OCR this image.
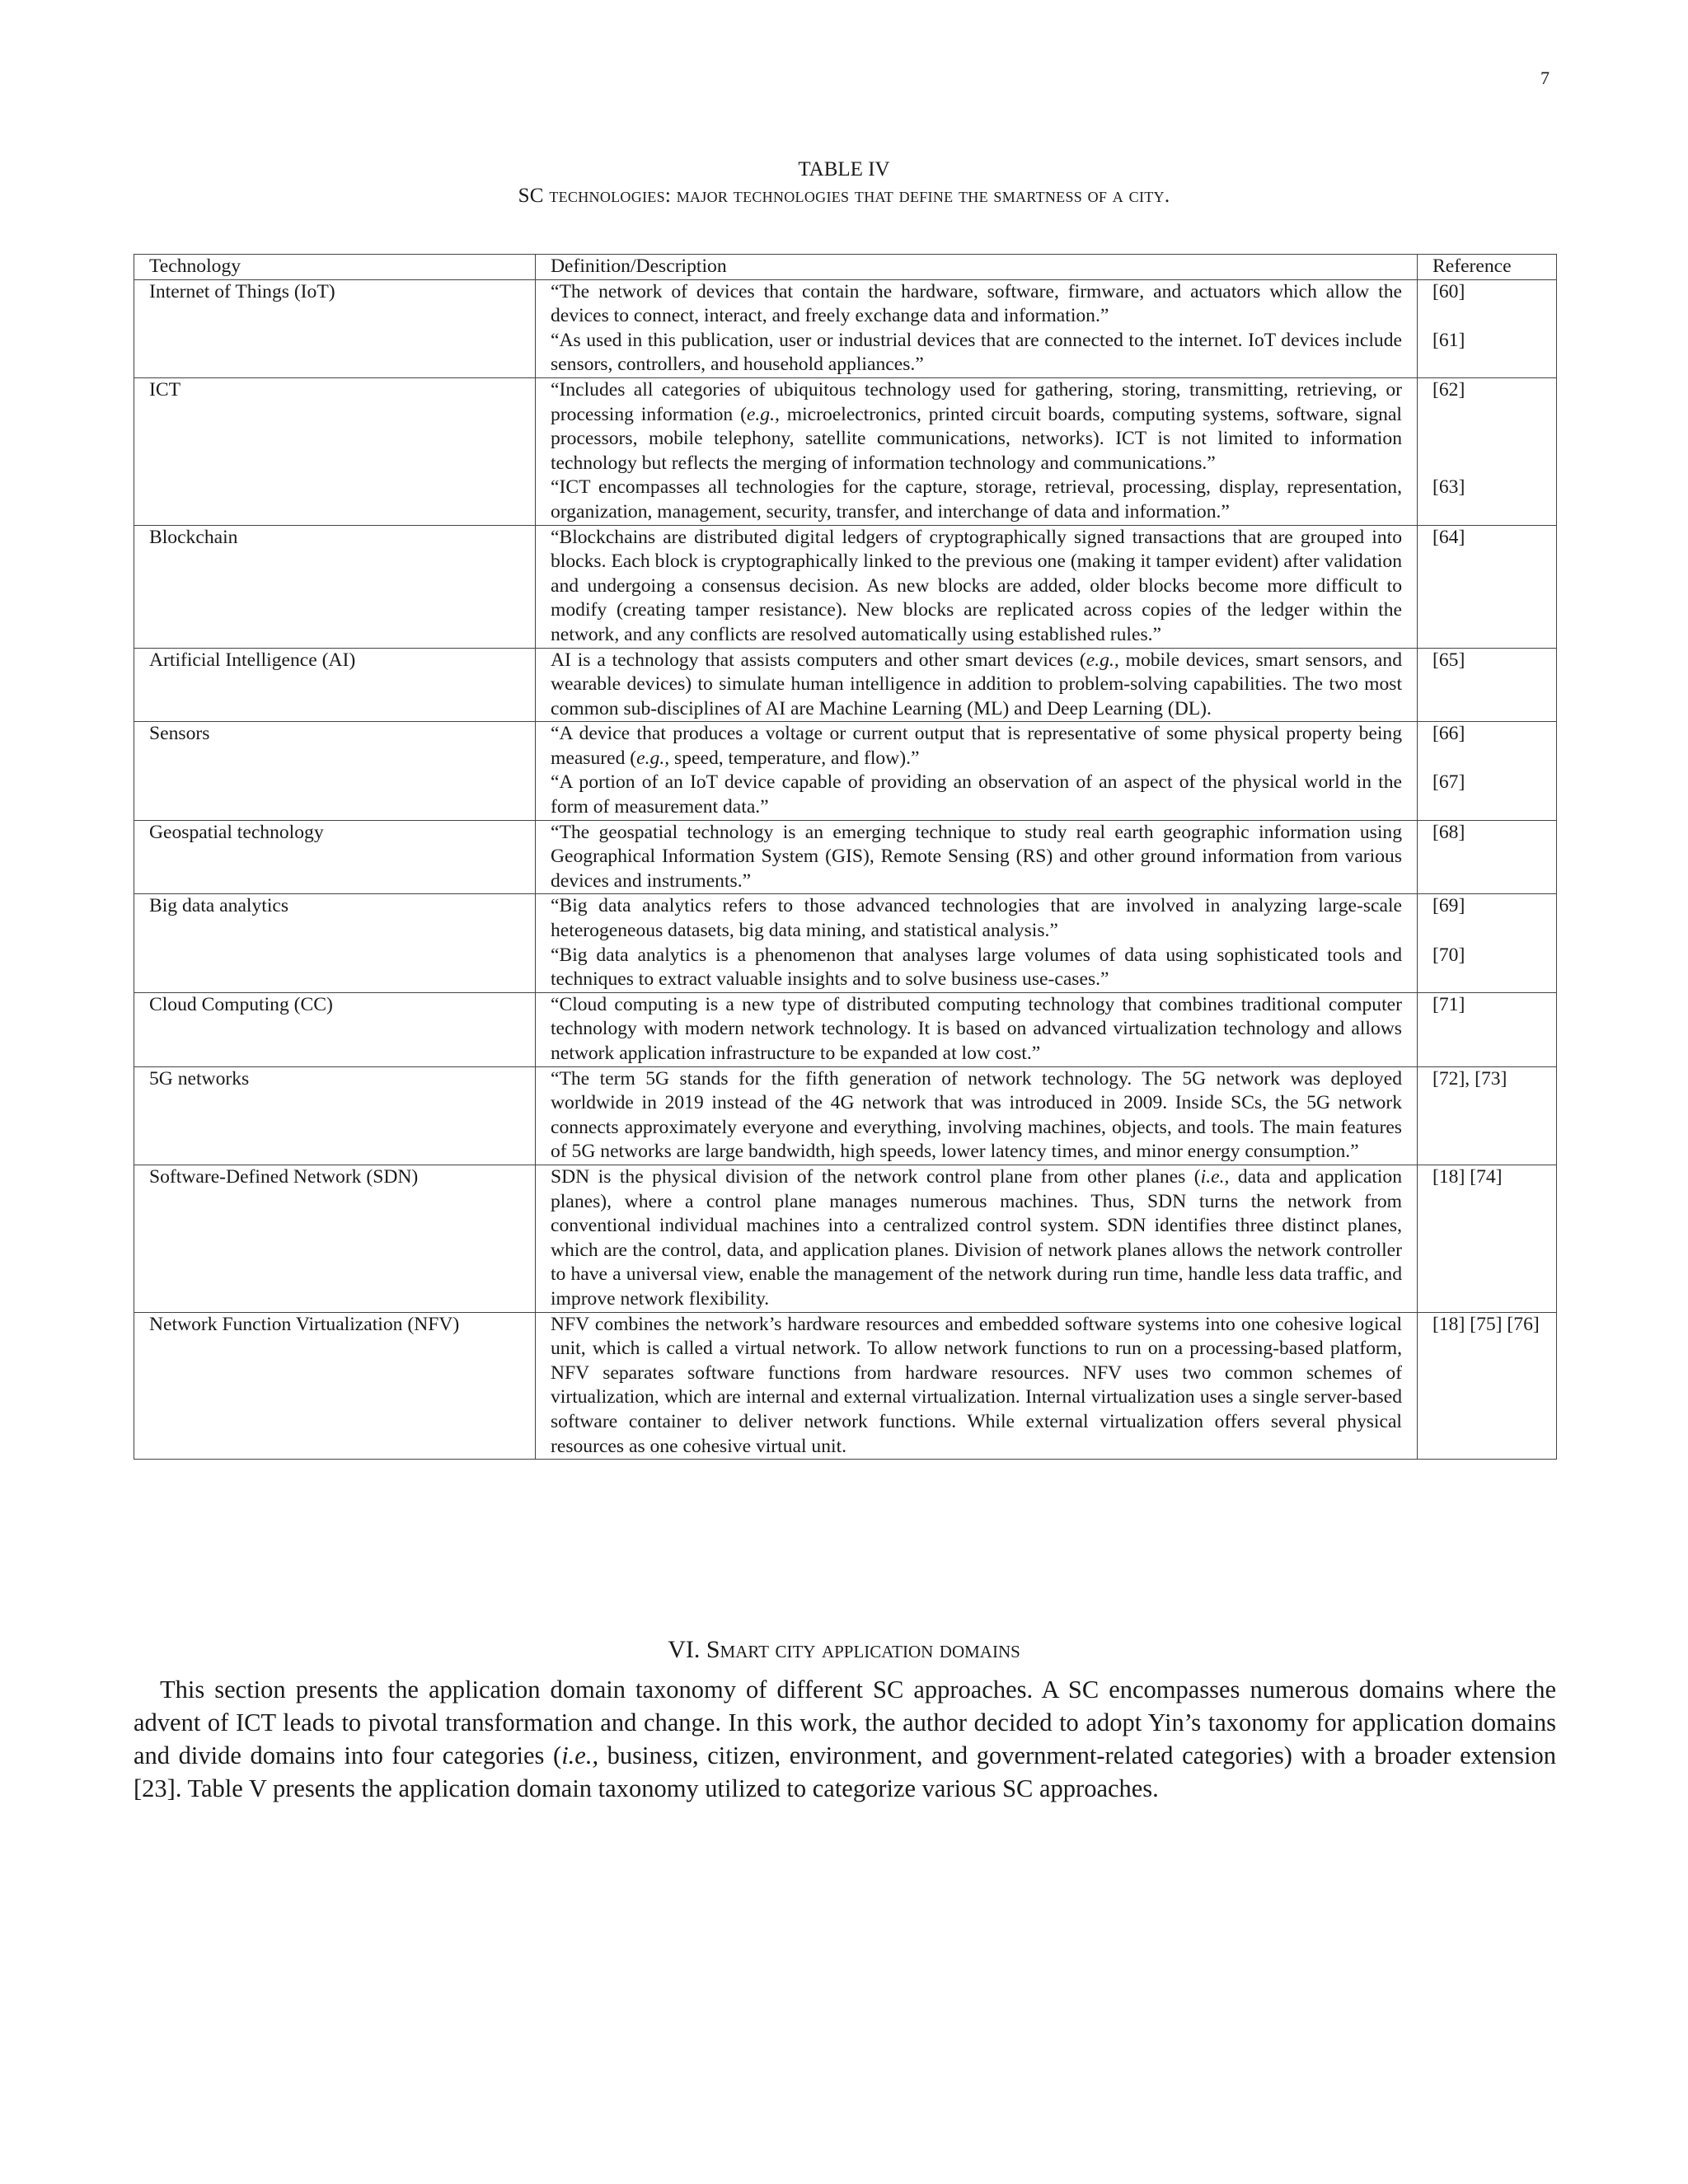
7
TABLE IV
SC technologies: major technologies that define the smartness of a city.
Technology	Definition/Description	Reference
Internet of Things (IoT)	“The network of devices that contain the hardware, software, firmware, and actuators which allow the devices to connect, interact, and freely exchange data and information.”	[60]
	“As used in this publication, user or industrial devices that are connected to the internet. IoT devices include sensors, controllers, and household appliances.”	[61]
ICT	“Includes all categories of ubiquitous technology used for gathering, storing, transmitting, retrieving, or processing information (e.g., microelectronics, printed circuit boards, computing systems, software, signal processors, mobile telephony, satellite communications, networks). ICT is not limited to information technology but reflects the merging of information technology and communications.”	[62]
	“ICT encompasses all technologies for the capture, storage, retrieval, processing, display, representation, organization, management, security, transfer, and interchange of data and information.”	[63]
Blockchain	“Blockchains are distributed digital ledgers of cryptographically signed transactions that are grouped into blocks. Each block is cryptographically linked to the previous one (making it tamper evident) after validation and undergoing a consensus decision. As new blocks are added, older blocks become more difficult to modify (creating tamper resistance). New blocks are replicated across copies of the ledger within the network, and any conflicts are resolved automatically using established rules.”	[64]
Artificial Intelligence (AI)	AI is a technology that assists computers and other smart devices (e.g., mobile devices, smart sensors, and wearable devices) to simulate human intelligence in addition to problem-solving capabilities. The two most common sub-disciplines of AI are Machine Learning (ML) and Deep Learning (DL).	[65]
Sensors	“A device that produces a voltage or current output that is representative of some physical property being measured (e.g., speed, temperature, and flow).”	[66]
	“A portion of an IoT device capable of providing an observation of an aspect of the physical world in the form of measurement data.”	[67]
Geospatial technology	“The geospatial technology is an emerging technique to study real earth geographic information using Geographical Information System (GIS), Remote Sensing (RS) and other ground information from various devices and instruments.”	[68]
Big data analytics	“Big data analytics refers to those advanced technologies that are involved in analyzing large-scale heterogeneous datasets, big data mining, and statistical analysis.”	[69]
	“Big data analytics is a phenomenon that analyses large volumes of data using sophisticated tools and techniques to extract valuable insights and to solve business use-cases.”	[70]
Cloud Computing (CC)	“Cloud computing is a new type of distributed computing technology that combines traditional computer technology with modern network technology. It is based on advanced virtualization technology and allows network application infrastructure to be expanded at low cost.”	[71]
5G networks	“The term 5G stands for the fifth generation of network technology. The 5G network was deployed worldwide in 2019 instead of the 4G network that was introduced in 2009. Inside SCs, the 5G network connects approximately everyone and everything, involving machines, objects, and tools. The main features of 5G networks are large bandwidth, high speeds, lower latency times, and minor energy consumption.”	[72], [73]
Software-Defined Network (SDN)	SDN is the physical division of the network control plane from other planes (i.e., data and application planes), where a control plane manages numerous machines. Thus, SDN turns the network from conventional individual machines into a centralized control system. SDN identifies three distinct planes, which are the control, data, and application planes. Division of network planes allows the network controller to have a universal view, enable the management of the network during run time, handle less data traffic, and improve network flexibility.	[18] [74]
Network Function Virtualization (NFV)	NFV combines the network’s hardware resources and embedded software systems into one cohesive logical unit, which is called a virtual network. To allow network functions to run on a processing-based platform, NFV separates software functions from hardware resources. NFV uses two common schemes of virtualization, which are internal and external virtualization. Internal virtualization uses a single server-based software container to deliver network functions. While external virtualization offers several physical resources as one cohesive virtual unit.	[18] [75] [76]
VI. Smart city application domains

This section presents the application domain taxonomy of different SC approaches. A SC encompasses numerous domains where the advent of ICT leads to pivotal transformation and change. In this work, the author decided to adopt Yin’s taxonomy for application domains and divide domains into four categories (i.e., business, citizen, environment, and government-related categories) with a broader extension [23]. Table V presents the application domain taxonomy utilized to categorize various SC approaches.
